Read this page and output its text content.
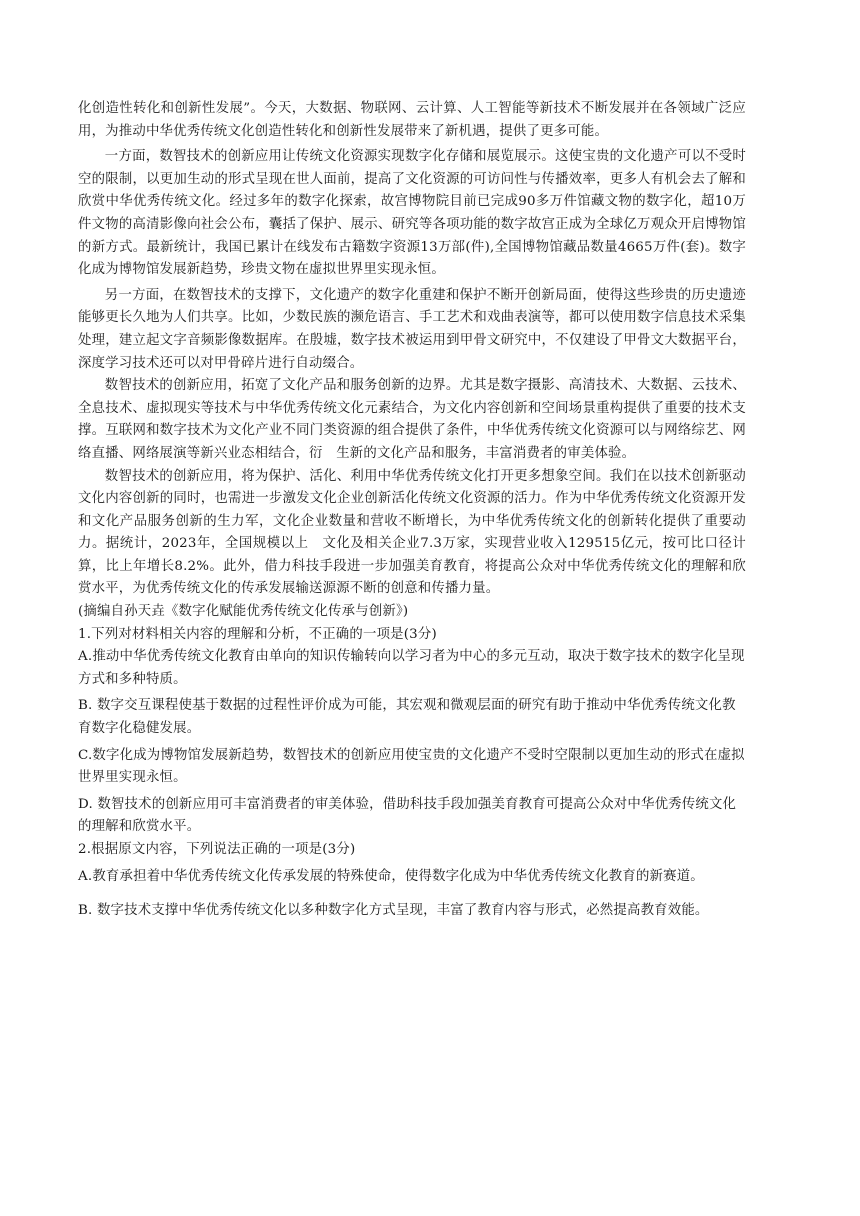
化创造性转化和创新性发展”。今天，大数据、物联网、云计算、人工智能等新技术不断发展并在各领域广泛应用，为推动中华优秀传统文化创造性转化和创新性发展带来了新机遇，提供了更多可能。

一方面，数智技术的创新应用让传统文化资源实现数字化存储和展览展示。这使宝贵的文化遗产可以不受时空的限制，以更加生动的形式呈现在世人面前，提高了文化资源的可访问性与传播效率，更多人有机会去了解和欣赏中华优秀传统文化。经过多年的数字化探索，故宫博物院目前已完成90多万件馆藏文物的数字化，超10万件文物的高清影像向社会公布，囊括了保护、展示、研究等各项功能的数字故宫正成为全球亿万观众开启博物馆的新方式。最新统计，我国已累计在线发布古籍数字资源13万部(件),全国博物馆藏品数量4665万件(套)。数字化成为博物馆发展新趋势，珍贵文物在虚拟世界里实现永恒。

另一方面，在数智技术的支撑下，文化遗产的数字化重建和保护不断开创新局面，使得这些珍贵的历史遗迹能够更长久地为人们共享。比如，少数民族的濒危语言、手工艺术和戏曲表演等，都可以使用数字信息技术采集处理，建立起文字音频影像数据库。在殷墟，数字技术被运用到甲骨文研究中，不仅建设了甲骨文大数据平台，深度学习技术还可以对甲骨碎片进行自动缀合。

数智技术的创新应用，拓宽了文化产品和服务创新的边界。尤其是数字摄影、高清技术、大数据、云技术、全息技术、虚拟现实等技术与中华优秀传统文化元素结合，为文化内容创新和空间场景重构提供了重要的技术支撑。互联网和数字技术为文化产业不同门类资源的组合提供了条件，中华优秀传统文化资源可以与网络综艺、网络直播、网络展演等新兴业态相结合，衍　生新的文化产品和服务，丰富消费者的审美体验。

数智技术的创新应用，将为保护、活化、利用中华优秀传统文化打开更多想象空间。我们在以技术创新驱动文化内容创新的同时，也需进一步激发文化企业创新活化传统文化资源的活力。作为中华优秀传统文化资源开发和文化产品服务创新的生力军，文化企业数量和营收不断增长，为中华优秀传统文化的创新转化提供了重要动力。据统计，2023年，全国规模以上　文化及相关企业7.3万家，实现营业收入129515亿元，按可比口径计算，比上年增长8.2%。此外，借力科技手段进一步加强美育教育，将提高公众对中华优秀传统文化的理解和欣赏水平，为优秀传统文化的传承发展输送源源不断的创意和传播力量。

(摘编自孙天垚《数字化赋能优秀传统文化传承与创新》)

1.下列对材料相关内容的理解和分析，不正确的一项是(3分)

A.推动中华优秀传统文化教育由单向的知识传输转向以学习者为中心的多元互动，取决于数字技术的数字化呈现方式和多种特质。

B. 数字交互课程使基于数据的过程性评价成为可能，其宏观和微观层面的研究有助于推动中华优秀传统文化教育数字化稳健发展。

C.数字化成为博物馆发展新趋势，数智技术的创新应用使宝贵的文化遗产不受时空限制以更加生动的形式在虚拟世界里实现永恒。

D. 数智技术的创新应用可丰富消费者的审美体验，借助科技手段加强美育教育可提高公众对中华优秀传统文化的理解和欣赏水平。

2.根据原文内容，下列说法正确的一项是(3分)

A.教育承担着中华优秀传统文化传承发展的特殊使命，使得数字化成为中华优秀传统文化教育的新赛道。

B. 数字技术支撑中华优秀传统文化以多种数字化方式呈现，丰富了教育内容与形式，必然提高教育效能。
